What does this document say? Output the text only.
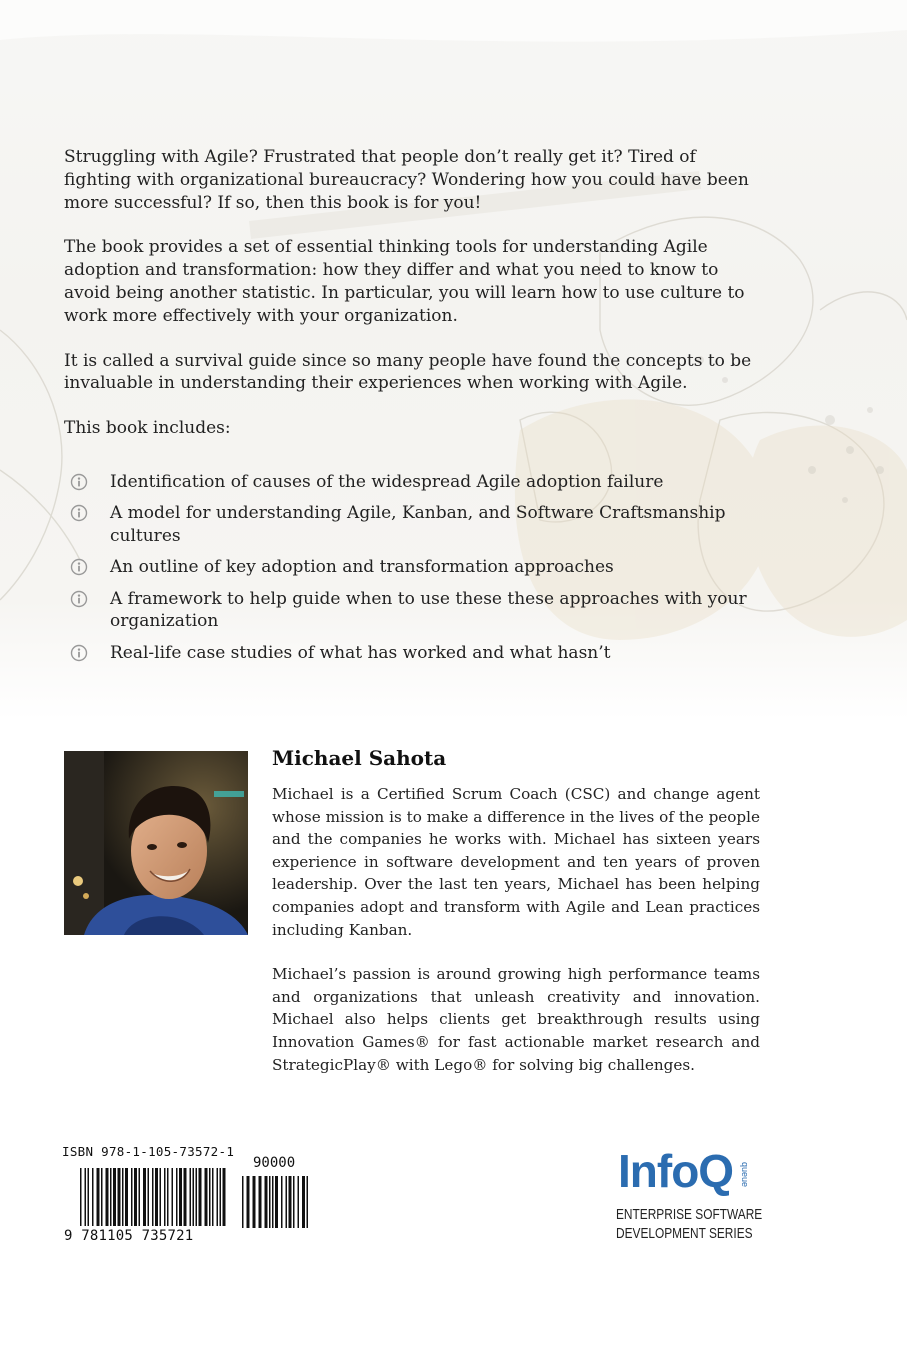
Struggling with Agile? Frustrated that people don’t really get it? Tired of fighting with organizational bureaucracy? Wondering how you could have been more successful? If so, then this book is for you!

The book provides a set of essential thinking tools for understanding Agile adoption and transformation: how they differ and what you need to know to avoid being another statistic. In particular, you will learn how to use culture to work more effectively with your organization.

It is called a survival guide since so many people have found the concepts to be invaluable in understanding their experiences when working with Agile.

This book includes:

Identification of causes of the widespread Agile adoption failure
A model for understanding Agile, Kanban, and Software Craftsmanship cultures
An outline of key adoption and transformation approaches
A framework to help guide when to use these these approaches with your organization
Real-life case studies of what has worked and what hasn’t
Michael Sahota

Michael is a Certified Scrum Coach (CSC) and change agent whose mission is to make a difference in the lives of the people and the companies he works with. Michael has sixteen years experience in software development and ten years of proven leadership. Over the last ten years, Michael has been helping companies adopt and transform with Agile and Lean practices including Kanban.

Michael’s passion is around growing high performance teams and organizations that unleash creativity and innovation. Michael also helps clients get breakthrough results using Innovation Games® for fast actionable market research and StrategicPlay® with Lego® for solving big challenges.

ISBN 978-1-105-73572-1
90000
9 781105 735721
InfoQ queue
ENTERPRISE SOFTWARE
DEVELOPMENT SERIES
